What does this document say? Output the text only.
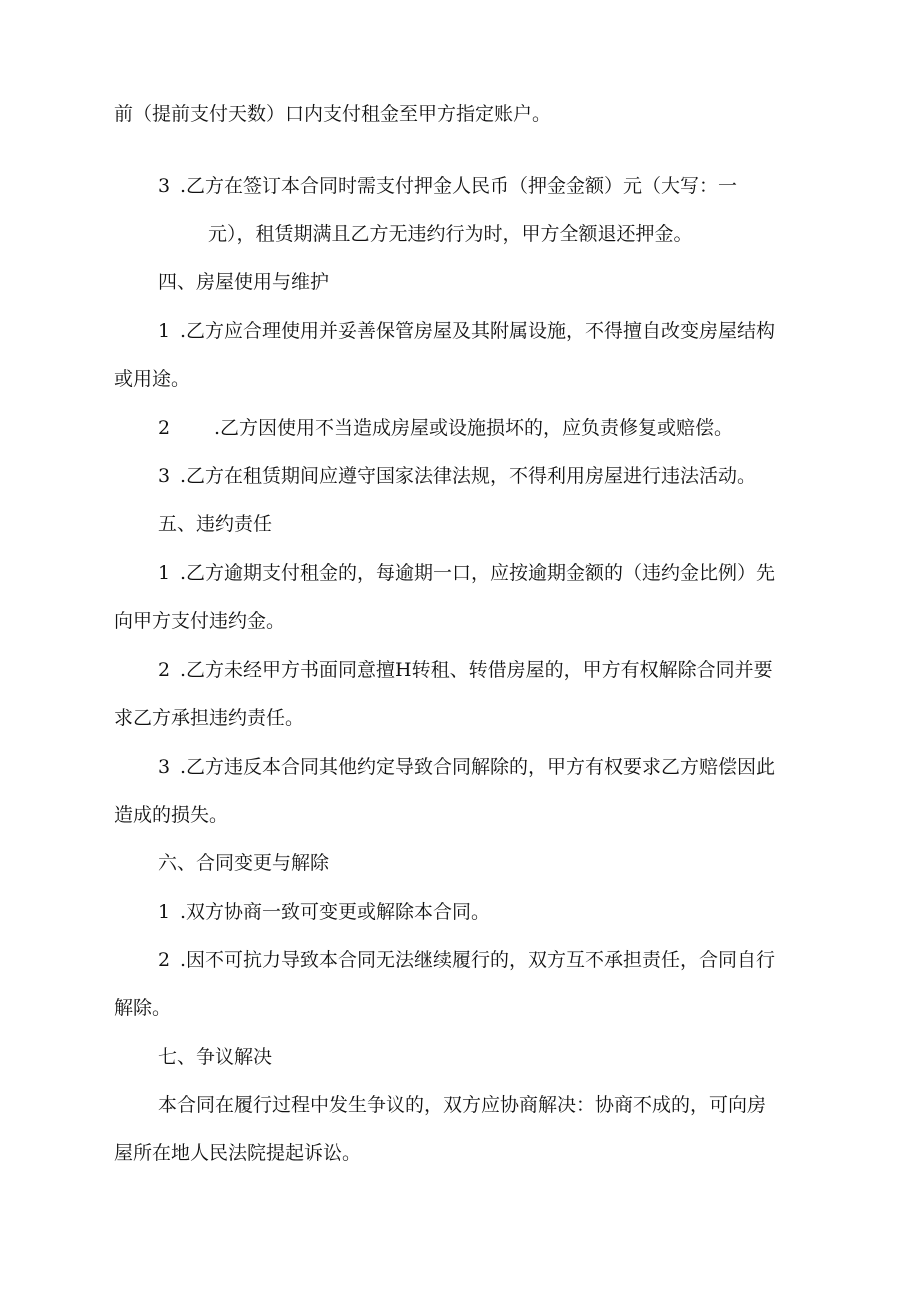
前（提前支付天数）口内支付租金至甲方指定账户。
3 .乙方在签订本合同时需支付押金人民币（押金金额）元（大写：一
元），租赁期满且乙方无违约行为时，甲方全额退还押金。
四、房屋使用与维护
1 .乙方应合理使用并妥善保管房屋及其附属设施，不得擅自改变房屋结构
或用途。
2 .乙方因使用不当造成房屋或设施损坏的，应负责修复或赔偿。
3 .乙方在租赁期间应遵守国家法律法规，不得利用房屋进行违法活动。
五、违约责任
1 .乙方逾期支付租金的，每逾期一口，应按逾期金额的（违约金比例）先
向甲方支付违约金。
2 .乙方未经甲方书面同意擅H转租、转借房屋的，甲方有权解除合同并要
求乙方承担违约责任。
3 .乙方违反本合同其他约定导致合同解除的，甲方有权要求乙方赔偿因此
造成的损失。
六、合同变更与解除
1 .双方协商一致可变更或解除本合同。
2 .因不可抗力导致本合同无法继续履行的，双方互不承担责任，合同自行
解除。
七、争议解决
本合同在履行过程中发生争议的，双方应协商解决：协商不成的，可向房
屋所在地人民法院提起诉讼。
